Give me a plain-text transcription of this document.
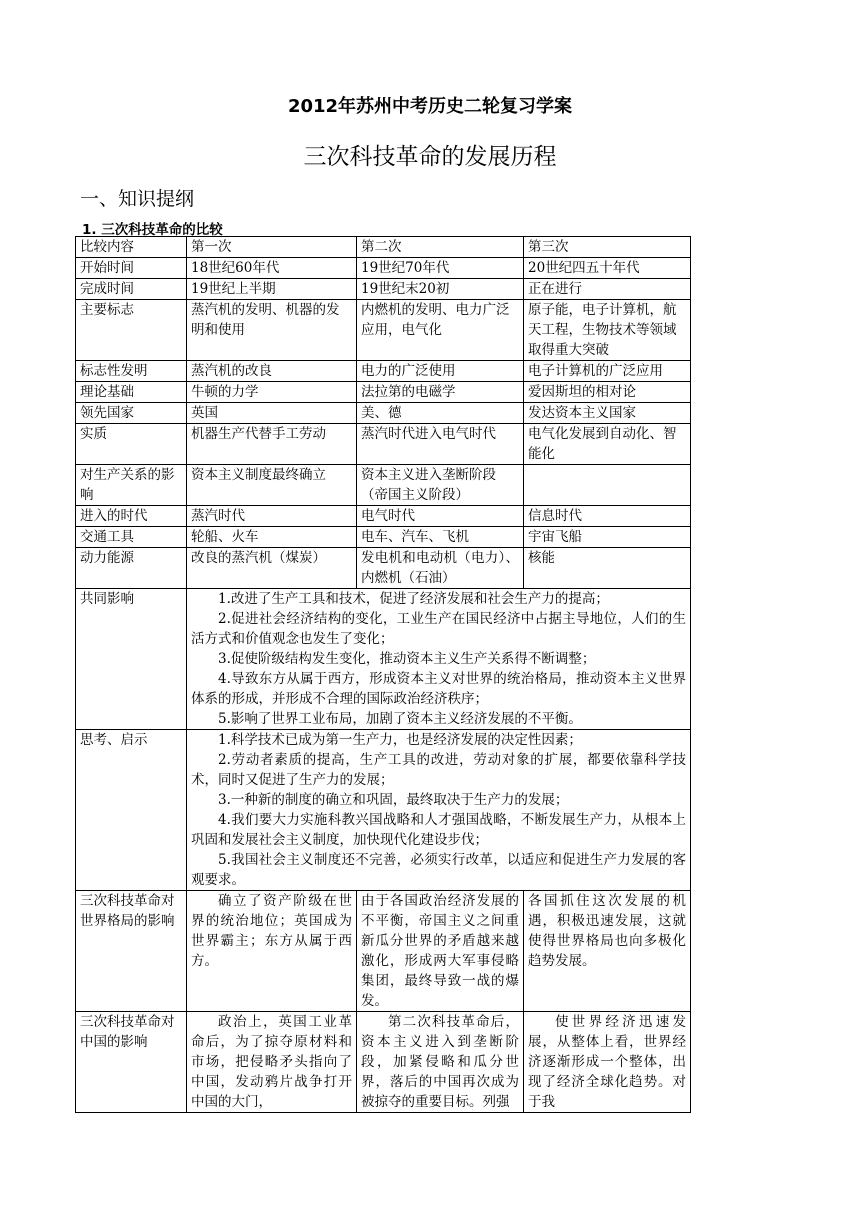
2012年苏州中考历史二轮复习学案
三次科技革命的发展历程
一、知识提纲
1. 三次科技革命的比较
比较内容	第一次	第二次	第三次
开始时间	18世纪60年代	19世纪70年代	20世纪四五十年代
完成时间	19世纪上半期	19世纪末20初	正在进行
主要标志	蒸汽机的发明、机器的发明和使用	内燃机的发明、电力广泛应用，电气化	原子能，电子计算机，航天工程，生物技术等领域取得重大突破
标志性发明	蒸汽机的改良	电力的广泛使用	电子计算机的广泛应用
理论基础	牛顿的力学	法拉第的电磁学	爱因斯坦的相对论
领先国家	英国	美、德	发达资本主义国家
实质	机器生产代替手工劳动	蒸汽时代进入电气时代	电气化发展到自动化、智能化
对生产关系的影响	资本主义制度最终确立	资本主义进入垄断阶段（帝国主义阶段）	
进入的时代	蒸汽时代	电气时代	信息时代
交通工具	轮船、火车	电车、汽车、飞机	宇宙飞船
动力能源	改良的蒸汽机（煤炭）	发电机和电动机（电力）、内燃机（石油）	核能
共同影响	1.改进了生产工具和技术，促进了经济发展和社会生产力的提高；
2.促进社会经济结构的变化，工业生产在国民经济中占据主导地位，人们的生活方式和价值观念也发生了变化；
3.促使阶级结构发生变化，推动资本主义生产关系得不断调整；
4.导致东方从属于西方，形成资本主义对世界的统治格局，推动资本主义世界体系的形成，并形成不合理的国际政治经济秩序；
5.影响了世界工业布局，加剧了资本主义经济发展的不平衡。		

思考、启示	1.科学技术已成为第一生产力，也是经济发展的决定性因素；
2.劳动者素质的提高，生产工具的改进，劳动对象的扩展，都要依靠科学技术，同时又促进了生产力的发展；
3.一种新的制度的确立和巩固，最终取决于生产力的发展；
4.我们要大力实施科教兴国战略和人才强国战略，不断发展生产力，从根本上巩固和发展社会主义制度，加快现代化建设步伐；
5.我国社会主义制度还不完善，必须实行改革，以适应和促进生产力发展的客观要求。		

三次科技革命对世界格局的影响	确立了资产阶级在世界的统治地位；英国成为世界霸主；东方从属于西方。	由于各国政治经济发展的不平衡，帝国主义之间重新瓜分世界的矛盾越来越激化，形成两大军事侵略集团，最终导致一战的爆发。	各国抓住这次发展的机遇，积极迅速发展，这就使得世界格局也向多极化趋势发展。
三次科技革命对中国的影响	政治上，英国工业革命后，为了掠夺原材料和市场，把侵略矛头指向了中国，发动鸦片战争打开中国的大门，	第二次科技革命后，资本主义进入到垄断阶段，加紧侵略和瓜分世界，落后的中国再次成为被掠夺的重要目标。列强	使世界经济迅速发展，从整体上看，世界经济逐渐形成一个整体，出现了经济全球化趋势。对于我
